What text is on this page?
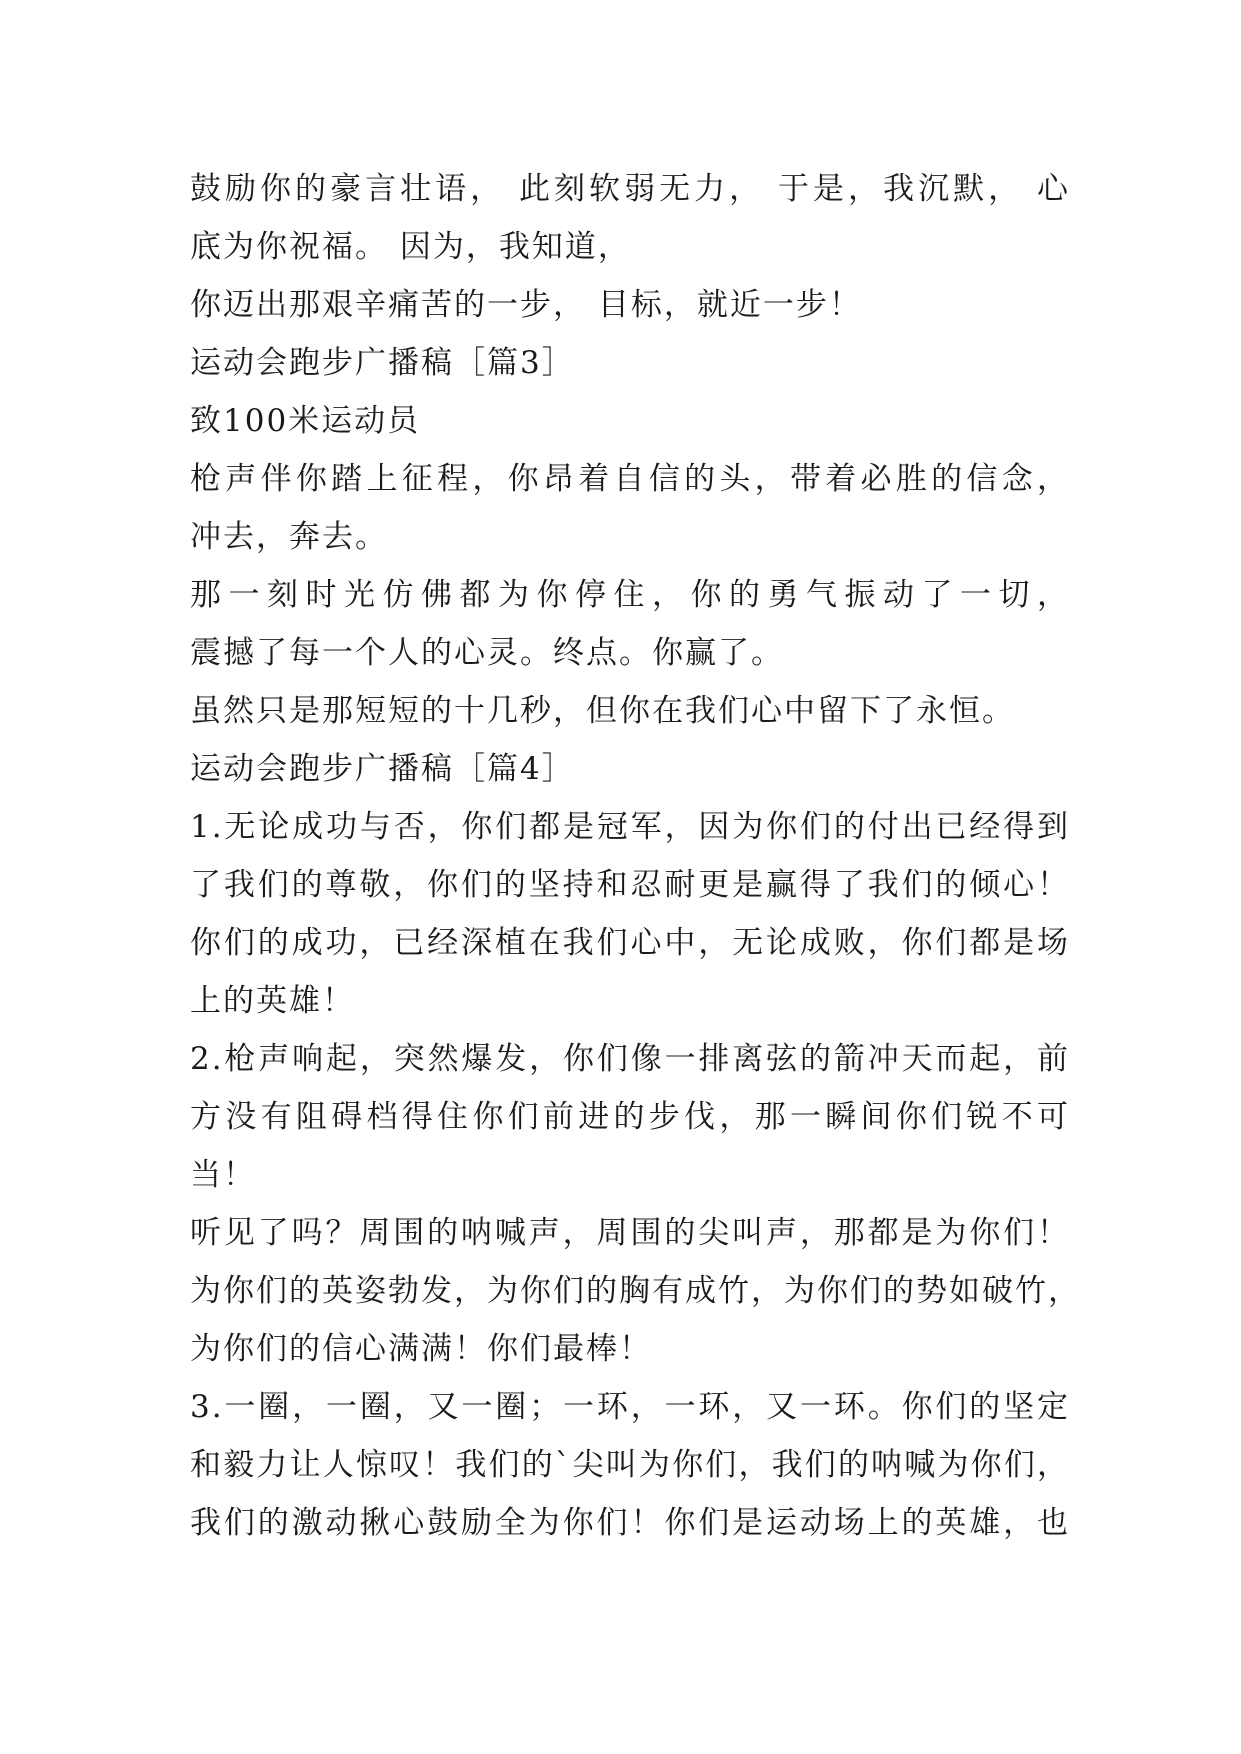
鼓励你的豪言壮语， 此刻软弱无力， 于是，我沉默， 心
底为你祝福。 因为，我知道，
你迈出那艰辛痛苦的一步， 目标，就近一步！
运动会跑步广播稿［篇3］
致100米运动员
枪声伴你踏上征程，你昂着自信的头，带着必胜的信念，
冲去，奔去。
那一刻时光仿佛都为你停住，你的勇气振动了一切，
震撼了每一个人的心灵。终点。你赢了。
虽然只是那短短的十几秒，但你在我们心中留下了永恒。
运动会跑步广播稿［篇4］
1.无论成功与否，你们都是冠军，因为你们的付出已经得到
了我们的尊敬，你们的坚持和忍耐更是赢得了我们的倾心！
你们的成功，已经深植在我们心中，无论成败，你们都是场
上的英雄！
2.枪声响起，突然爆发，你们像一排离弦的箭冲天而起，前
方没有阻碍档得住你们前进的步伐，那一瞬间你们锐不可
当！
听见了吗？周围的呐喊声，周围的尖叫声，那都是为你们！
为你们的英姿勃发，为你们的胸有成竹，为你们的势如破竹，
为你们的信心满满！你们最棒！
3.一圈，一圈，又一圈；一环，一环，又一环。你们的坚定
和毅力让人惊叹！我们的`尖叫为你们，我们的呐喊为你们，
我们的激动揪心鼓励全为你们！你们是运动场上的英雄，也
